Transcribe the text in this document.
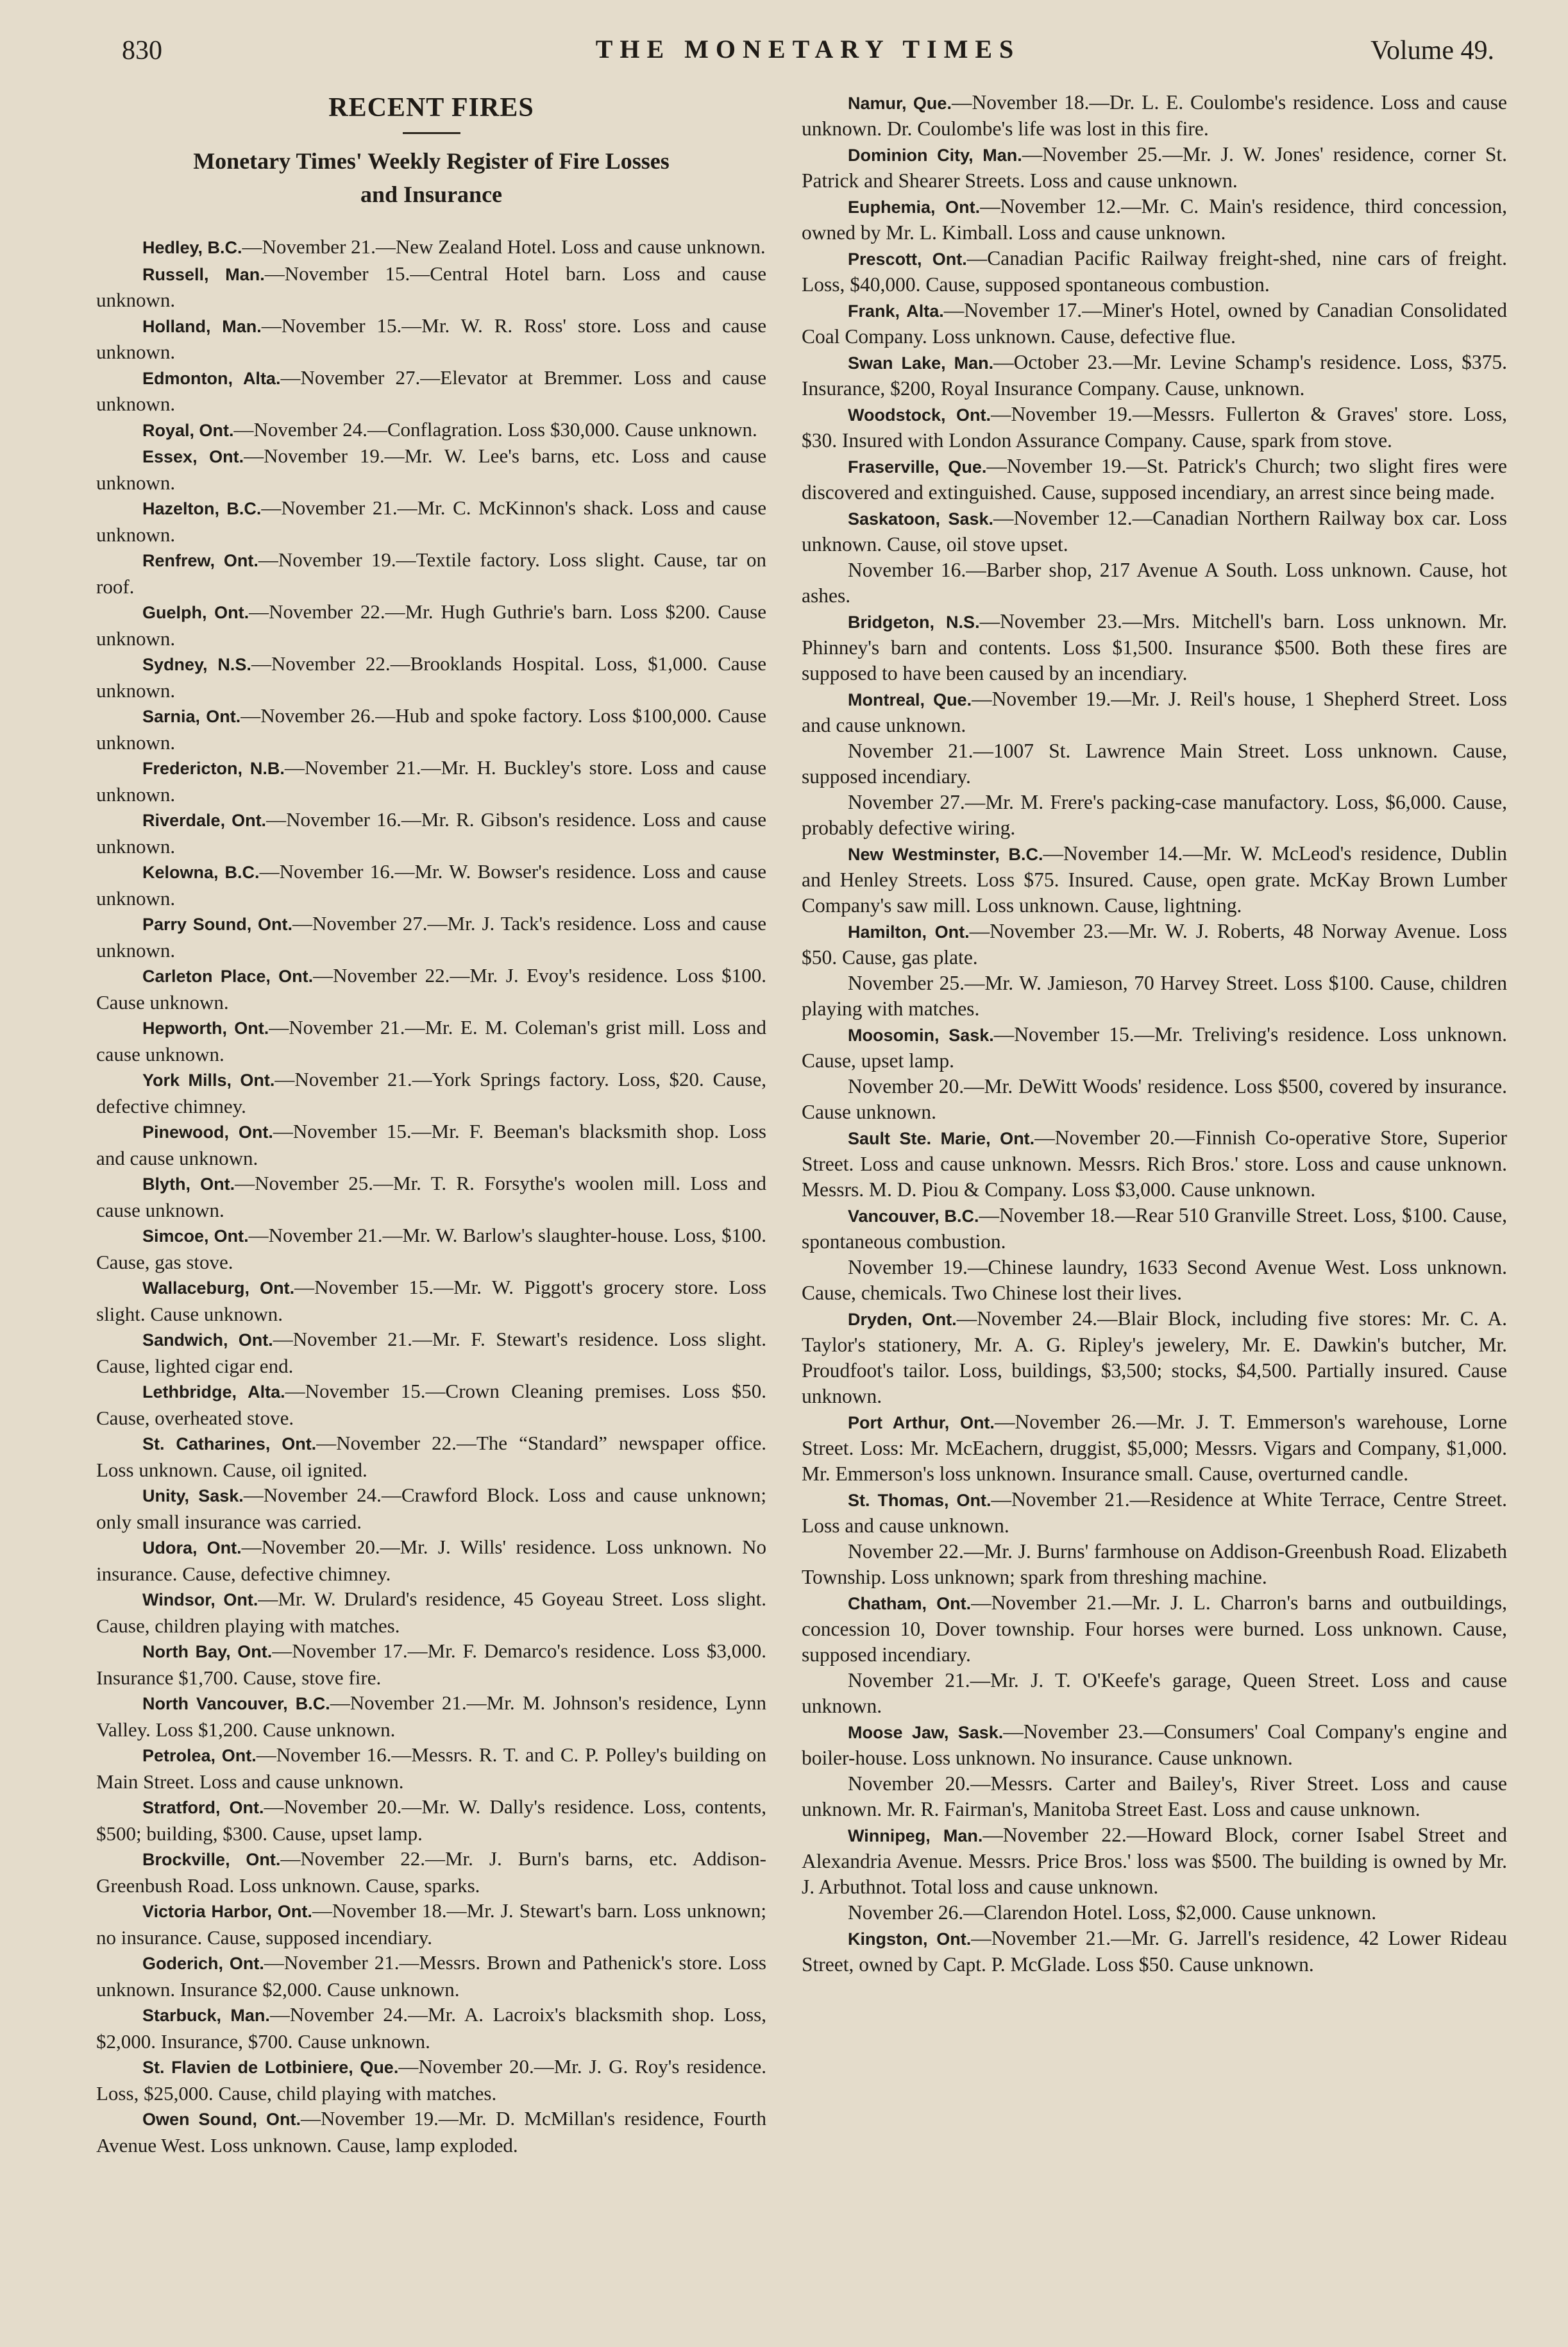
830	THE MONETARY TIMES	Volume 49.
RECENT FIRES
Monetary Times' Weekly Register of Fire Losses
and Insurance

Hedley, B.C.—November 21.—New Zealand Hotel. Loss and cause unknown.

Russell, Man.—November 15.—Central Hotel barn. Loss and cause unknown.

Holland, Man.—November 15.—Mr. W. R. Ross' store. Loss and cause unknown.

Edmonton, Alta.—November 27.—Elevator at Bremmer. Loss and cause unknown.

Royal, Ont.—November 24.—Conflagration. Loss $30,000. Cause unknown.

Essex, Ont.—November 19.—Mr. W. Lee's barns, etc. Loss and cause unknown.

Hazelton, B.C.—November 21.—Mr. C. McKinnon's shack. Loss and cause unknown.

Renfrew, Ont.—November 19.—Textile factory. Loss slight. Cause, tar on roof.

Guelph, Ont.—November 22.—Mr. Hugh Guthrie's barn. Loss $200. Cause unknown.

Sydney, N.S.—November 22.—Brooklands Hospital. Loss, $1,000. Cause unknown.

Sarnia, Ont.—November 26.—Hub and spoke factory. Loss $100,000. Cause unknown.

Fredericton, N.B.—November 21.—Mr. H. Buckley's store. Loss and cause unknown.

Riverdale, Ont.—November 16.—Mr. R. Gibson's residence. Loss and cause unknown.

Kelowna, B.C.—November 16.—Mr. W. Bowser's residence. Loss and cause unknown.

Parry Sound, Ont.—November 27.—Mr. J. Tack's residence. Loss and cause unknown.

Carleton Place, Ont.—November 22.—Mr. J. Evoy's residence. Loss $100. Cause unknown.

Hepworth, Ont.—November 21.—Mr. E. M. Coleman's grist mill. Loss and cause unknown.

York Mills, Ont.—November 21.—York Springs factory. Loss, $20. Cause, defective chimney.

Pinewood, Ont.—November 15.—Mr. F. Beeman's blacksmith shop. Loss and cause unknown.

Blyth, Ont.—November 25.—Mr. T. R. Forsythe's woolen mill. Loss and cause unknown.

Simcoe, Ont.—November 21.—Mr. W. Barlow's slaughter-house. Loss, $100. Cause, gas stove.

Wallaceburg, Ont.—November 15.—Mr. W. Piggott's grocery store. Loss slight. Cause unknown.

Sandwich, Ont.—November 21.—Mr. F. Stewart's residence. Loss slight. Cause, lighted cigar end.

Lethbridge, Alta.—November 15.—Crown Cleaning premises. Loss $50. Cause, overheated stove.

St. Catharines, Ont.—November 22.—The “Standard” newspaper office. Loss unknown. Cause, oil ignited.

Unity, Sask.—November 24.—Crawford Block. Loss and cause unknown; only small insurance was carried.

Udora, Ont.—November 20.—Mr. J. Wills' residence. Loss unknown. No insurance. Cause, defective chimney.

Windsor, Ont.—Mr. W. Drulard's residence, 45 Goyeau Street. Loss slight. Cause, children playing with matches.

North Bay, Ont.—November 17.—Mr. F. Demarco's residence. Loss $3,000. Insurance $1,700. Cause, stove fire.

North Vancouver, B.C.—November 21.—Mr. M. Johnson's residence, Lynn Valley. Loss $1,200. Cause unknown.

Petrolea, Ont.—November 16.—Messrs. R. T. and C. P. Polley's building on Main Street. Loss and cause unknown.

Stratford, Ont.—November 20.—Mr. W. Dally's residence. Loss, contents, $500; building, $300. Cause, upset lamp.

Brockville, Ont.—November 22.—Mr. J. Burn's barns, etc. Addison-Greenbush Road. Loss unknown. Cause, sparks.

Victoria Harbor, Ont.—November 18.—Mr. J. Stewart's barn. Loss unknown; no insurance. Cause, supposed incendiary.

Goderich, Ont.—November 21.—Messrs. Brown and Pathenick's store. Loss unknown. Insurance $2,000. Cause unknown.

Starbuck, Man.—November 24.—Mr. A. Lacroix's blacksmith shop. Loss, $2,000. Insurance, $700. Cause unknown.

St. Flavien de Lotbiniere, Que.—November 20.—Mr. J. G. Roy's residence. Loss, $25,000. Cause, child playing with matches.

Owen Sound, Ont.—November 19.—Mr. D. McMillan's residence, Fourth Avenue West. Loss unknown. Cause, lamp exploded.

Namur, Que.—November 18.—Dr. L. E. Coulombe's residence. Loss and cause unknown. Dr. Coulombe's life was lost in this fire.

Dominion City, Man.—November 25.—Mr. J. W. Jones' residence, corner St. Patrick and Shearer Streets. Loss and cause unknown.

Euphemia, Ont.—November 12.—Mr. C. Main's residence, third concession, owned by Mr. L. Kimball. Loss and cause unknown.

Prescott, Ont.—Canadian Pacific Railway freight-shed, nine cars of freight. Loss, $40,000. Cause, supposed spontaneous combustion.

Frank, Alta.—November 17.—Miner's Hotel, owned by Canadian Consolidated Coal Company. Loss unknown. Cause, defective flue.

Swan Lake, Man.—October 23.—Mr. Levine Schamp's residence. Loss, $375. Insurance, $200, Royal Insurance Company. Cause, unknown.

Woodstock, Ont.—November 19.—Messrs. Fullerton & Graves' store. Loss, $30. Insured with London Assurance Company. Cause, spark from stove.

Fraserville, Que.—November 19.—St. Patrick's Church; two slight fires were discovered and extinguished. Cause, supposed incendiary, an arrest since being made.

Saskatoon, Sask.—November 12.—Canadian Northern Railway box car. Loss unknown. Cause, oil stove upset.

November 16.—Barber shop, 217 Avenue A South. Loss unknown. Cause, hot ashes.

Bridgeton, N.S.—November 23.—Mrs. Mitchell's barn. Loss unknown. Mr. Phinney's barn and contents. Loss $1,500. Insurance $500. Both these fires are supposed to have been caused by an incendiary.

Montreal, Que.—November 19.—Mr. J. Reil's house, 1 Shepherd Street. Loss and cause unknown.

November 21.—1007 St. Lawrence Main Street. Loss unknown. Cause, supposed incendiary.

November 27.—Mr. M. Frere's packing-case manufactory. Loss, $6,000. Cause, probably defective wiring.

New Westminster, B.C.—November 14.—Mr. W. McLeod's residence, Dublin and Henley Streets. Loss $75. Insured. Cause, open grate. McKay Brown Lumber Company's saw mill. Loss unknown. Cause, lightning.

Hamilton, Ont.—November 23.—Mr. W. J. Roberts, 48 Norway Avenue. Loss $50. Cause, gas plate.

November 25.—Mr. W. Jamieson, 70 Harvey Street. Loss $100. Cause, children playing with matches.

Moosomin, Sask.—November 15.—Mr. Treliving's residence. Loss unknown. Cause, upset lamp.

November 20.—Mr. DeWitt Woods' residence. Loss $500, covered by insurance. Cause unknown.

Sault Ste. Marie, Ont.—November 20.—Finnish Co-operative Store, Superior Street. Loss and cause unknown. Messrs. Rich Bros.' store. Loss and cause unknown. Messrs. M. D. Piou & Company. Loss $3,000. Cause unknown.

Vancouver, B.C.—November 18.—Rear 510 Granville Street. Loss, $100. Cause, spontaneous combustion.

November 19.—Chinese laundry, 1633 Second Avenue West. Loss unknown. Cause, chemicals. Two Chinese lost their lives.

Dryden, Ont.—November 24.—Blair Block, including five stores: Mr. C. A. Taylor's stationery, Mr. A. G. Ripley's jewelery, Mr. E. Dawkin's butcher, Mr. Proudfoot's tailor. Loss, buildings, $3,500; stocks, $4,500. Partially insured. Cause unknown.

Port Arthur, Ont.—November 26.—Mr. J. T. Emmerson's warehouse, Lorne Street. Loss: Mr. McEachern, druggist, $5,000; Messrs. Vigars and Company, $1,000. Mr. Emmerson's loss unknown. Insurance small. Cause, overturned candle.

St. Thomas, Ont.—November 21.—Residence at White Terrace, Centre Street. Loss and cause unknown.

November 22.—Mr. J. Burns' farmhouse on Addison-Greenbush Road. Elizabeth Township. Loss unknown; spark from threshing machine.

Chatham, Ont.—November 21.—Mr. J. L. Charron's barns and outbuildings, concession 10, Dover township. Four horses were burned. Loss unknown. Cause, supposed incendiary.

November 21.—Mr. J. T. O'Keefe's garage, Queen Street. Loss and cause unknown.

Moose Jaw, Sask.—November 23.—Consumers' Coal Company's engine and boiler-house. Loss unknown. No insurance. Cause unknown.

November 20.—Messrs. Carter and Bailey's, River Street. Loss and cause unknown. Mr. R. Fairman's, Manitoba Street East. Loss and cause unknown.

Winnipeg, Man.—November 22.—Howard Block, corner Isabel Street and Alexandria Avenue. Messrs. Price Bros.' loss was $500. The building is owned by Mr. J. Arbuthnot. Total loss and cause unknown.

November 26.—Clarendon Hotel. Loss, $2,000. Cause unknown.

Kingston, Ont.—November 21.—Mr. G. Jarrell's residence, 42 Lower Rideau Street, owned by Capt. P. McGlade. Loss $50. Cause unknown.
